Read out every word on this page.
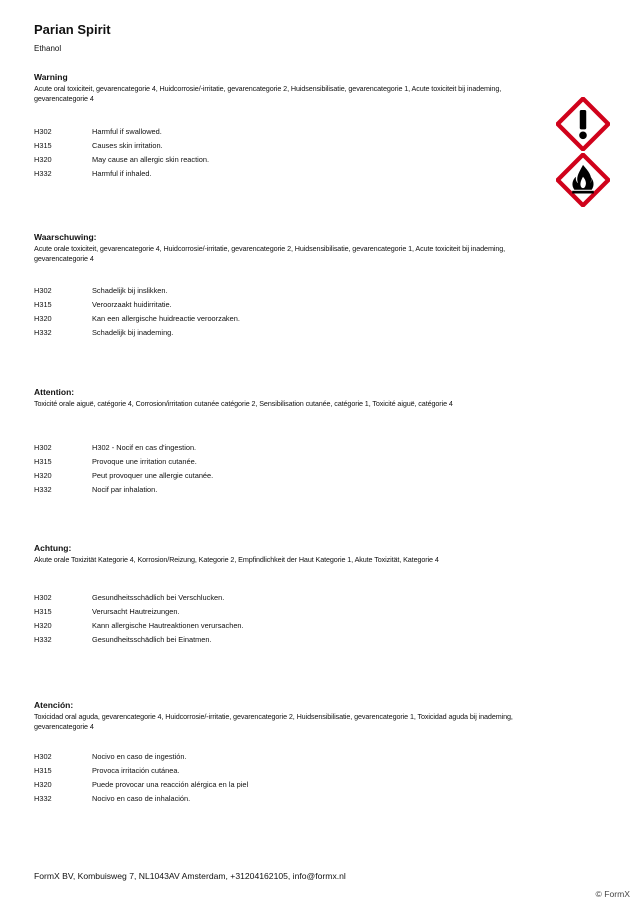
Parian Spirit
Ethanol
Warning
Acute oral toxiciteit, gevarencategorie 4, Huidcorrosie/-irritatie, gevarencategorie 2, Huidsensibilisatie, gevarencategorie 1, Acute toxiciteit bij inademing, gevarencategorie 4
H302	Harmful if swallowed.
H315	Causes skin irritation.
H320	May cause an allergic skin reaction.
H332	Harmful if inhaled.
Waarschuwing:
Acute orale toxiciteit, gevarencategorie 4, Huidcorrosie/-irritatie, gevarencategorie 2, Huidsensibilisatie, gevarencategorie 1, Acute toxiciteit bij inademing, gevarencategorie 4
H302	Schadelijk bij inslikken.
H315	Veroorzaakt huidirritatie.
H320	Kan een allergische huidreactie veroorzaken.
H332	Schadelijk bij inademing.
Attention:
Toxicité orale aiguë, catégorie 4, Corrosion/irritation cutanée catégorie 2, Sensibilisation cutanée, catégorie 1, Toxicité aiguë, catégorie 4
H302	H302 - Nocif en cas d'ingestion.
H315	Provoque une irritation cutanée.
H320	Peut provoquer une allergie cutanée.
H332	Nocif par inhalation.
Achtung:
Akute orale Toxizität Kategorie 4, Korrosion/Reizung, Kategorie 2, Empfindlichkeit der Haut Kategorie 1, Akute Toxizität, Kategorie 4
H302	Gesundheitsschädlich bei Verschlucken.
H315	Verursacht Hautreizungen.
H320	Kann allergische Hautreaktionen verursachen.
H332	Gesundheitsschädlich bei Einatmen.
Atención:
Toxicidad oral aguda, gevarencategorie 4, Huidcorrosie/-irritatie, gevarencategorie 2, Huidsensibilisatie, gevarencategorie 1, Toxicidad aguda bij inademing, gevarencategorie 4
H302	Nocivo en caso de ingestión.
H315	Provoca irritación cutánea.
H320	Puede provocar una reacción alérgica en la piel
H332	Nocivo en caso de inhalación.
FormX BV, Kombuisweg 7, NL1043AV Amsterdam, +31204162105, info@formx.nl
© FormX
